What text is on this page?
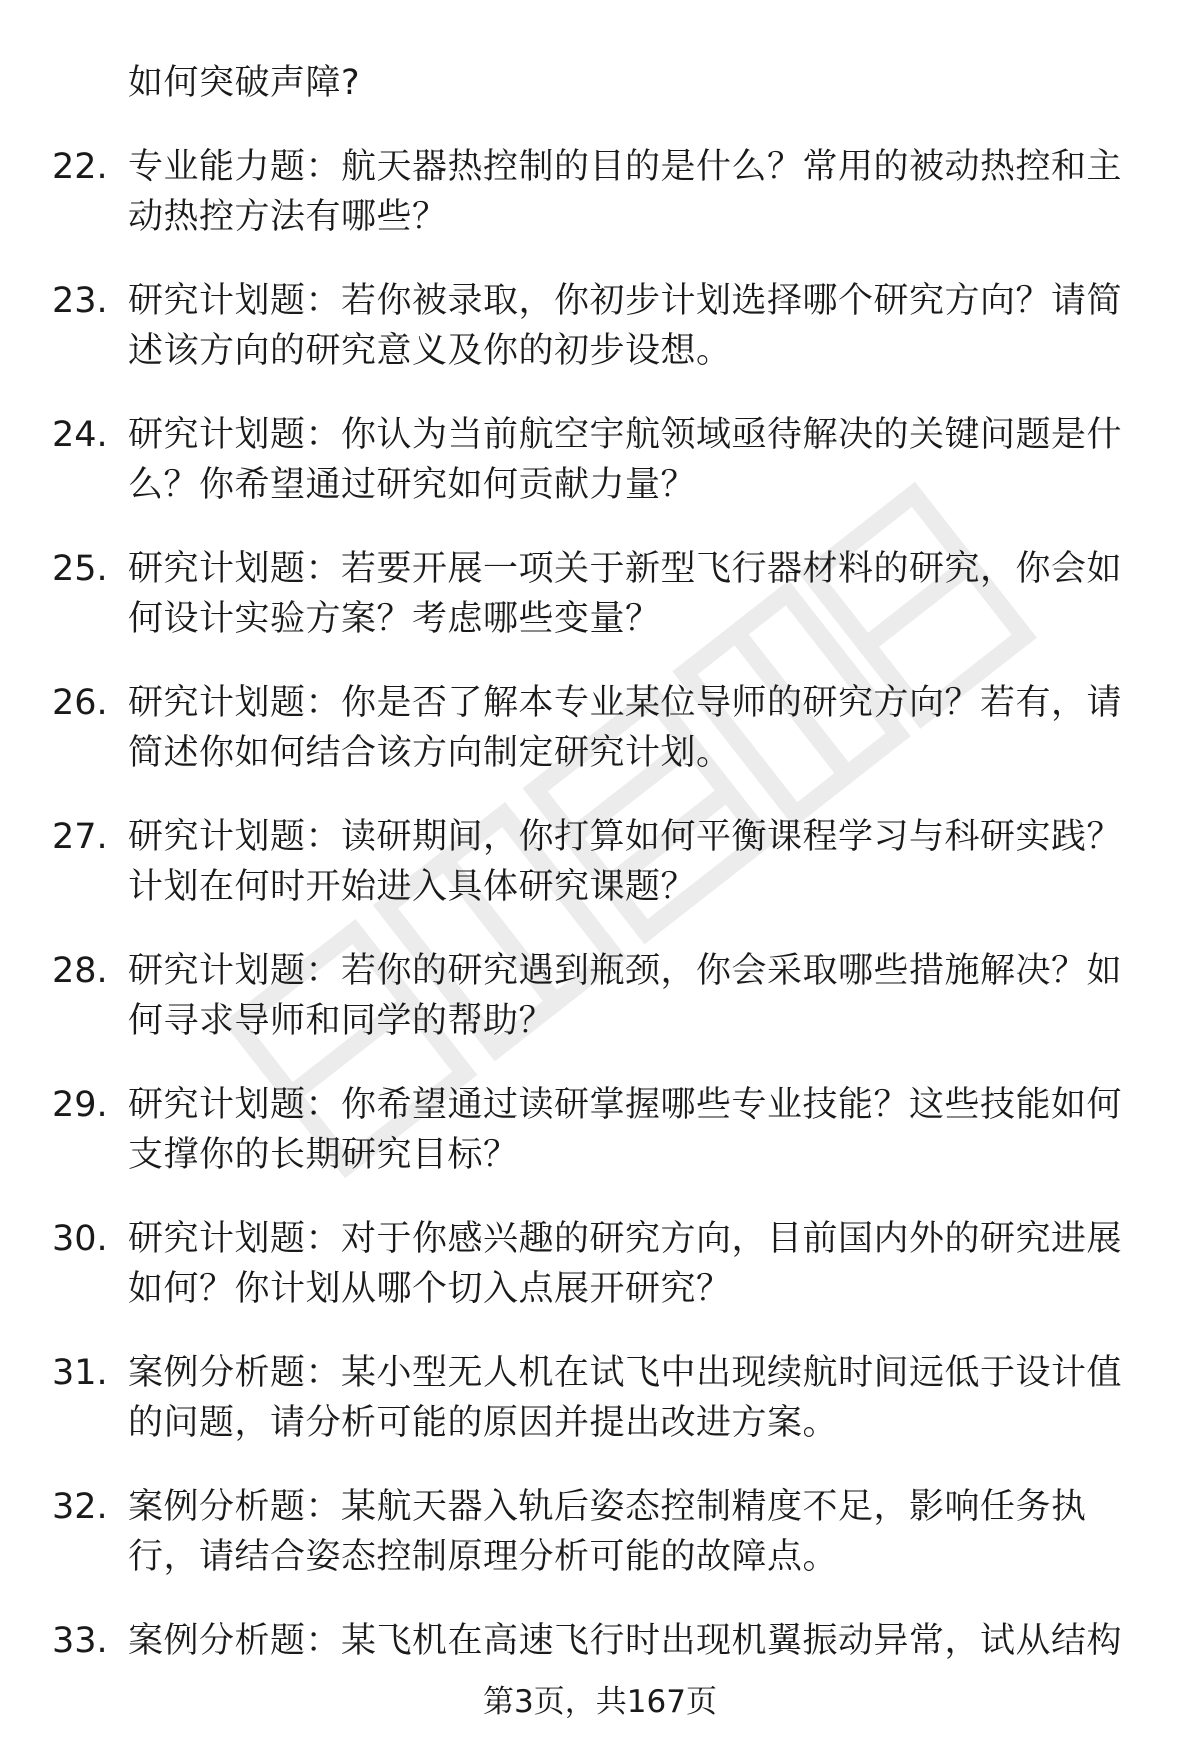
如何突破声障?
22. 专业能力题：航天器热控制的目的是什么？常用的被动热控和主动热控方法有哪些？
23. 研究计划题：若你被录取，你初步计划选择哪个研究方向？请简述该方向的研究意义及你的初步设想。
24. 研究计划题：你认为当前航空宇航领域亟待解决的关键问题是什么？你希望通过研究如何贡献力量？
25. 研究计划题：若要开展一项关于新型飞行器材料的研究，你会如何设计实验方案？考虑哪些变量？
26. 研究计划题：你是否了解本专业某位导师的研究方向？若有，请简述你如何结合该方向制定研究计划。
27. 研究计划题：读研期间，你打算如何平衡课程学习与科研实践？计划在何时开始进入具体研究课题？
28. 研究计划题：若你的研究遇到瓶颈，你会采取哪些措施解决？如何寻求导师和同学的帮助？
29. 研究计划题：你希望通过读研掌握哪些专业技能？这些技能如何支撑你的长期研究目标？
30. 研究计划题：对于你感兴趣的研究方向，目前国内外的研究进展如何？你计划从哪个切入点展开研究？
31. 案例分析题：某小型无人机在试飞中出现续航时间远低于设计值的问题，请分析可能的原因并提出改进方案。
32. 案例分析题：某航天器入轨后姿态控制精度不足，影响任务执行，请结合姿态控制原理分析可能的故障点。
33. 案例分析题：某飞机在高速飞行时出现机翼振动异常，试从结构
第3页，共167页
